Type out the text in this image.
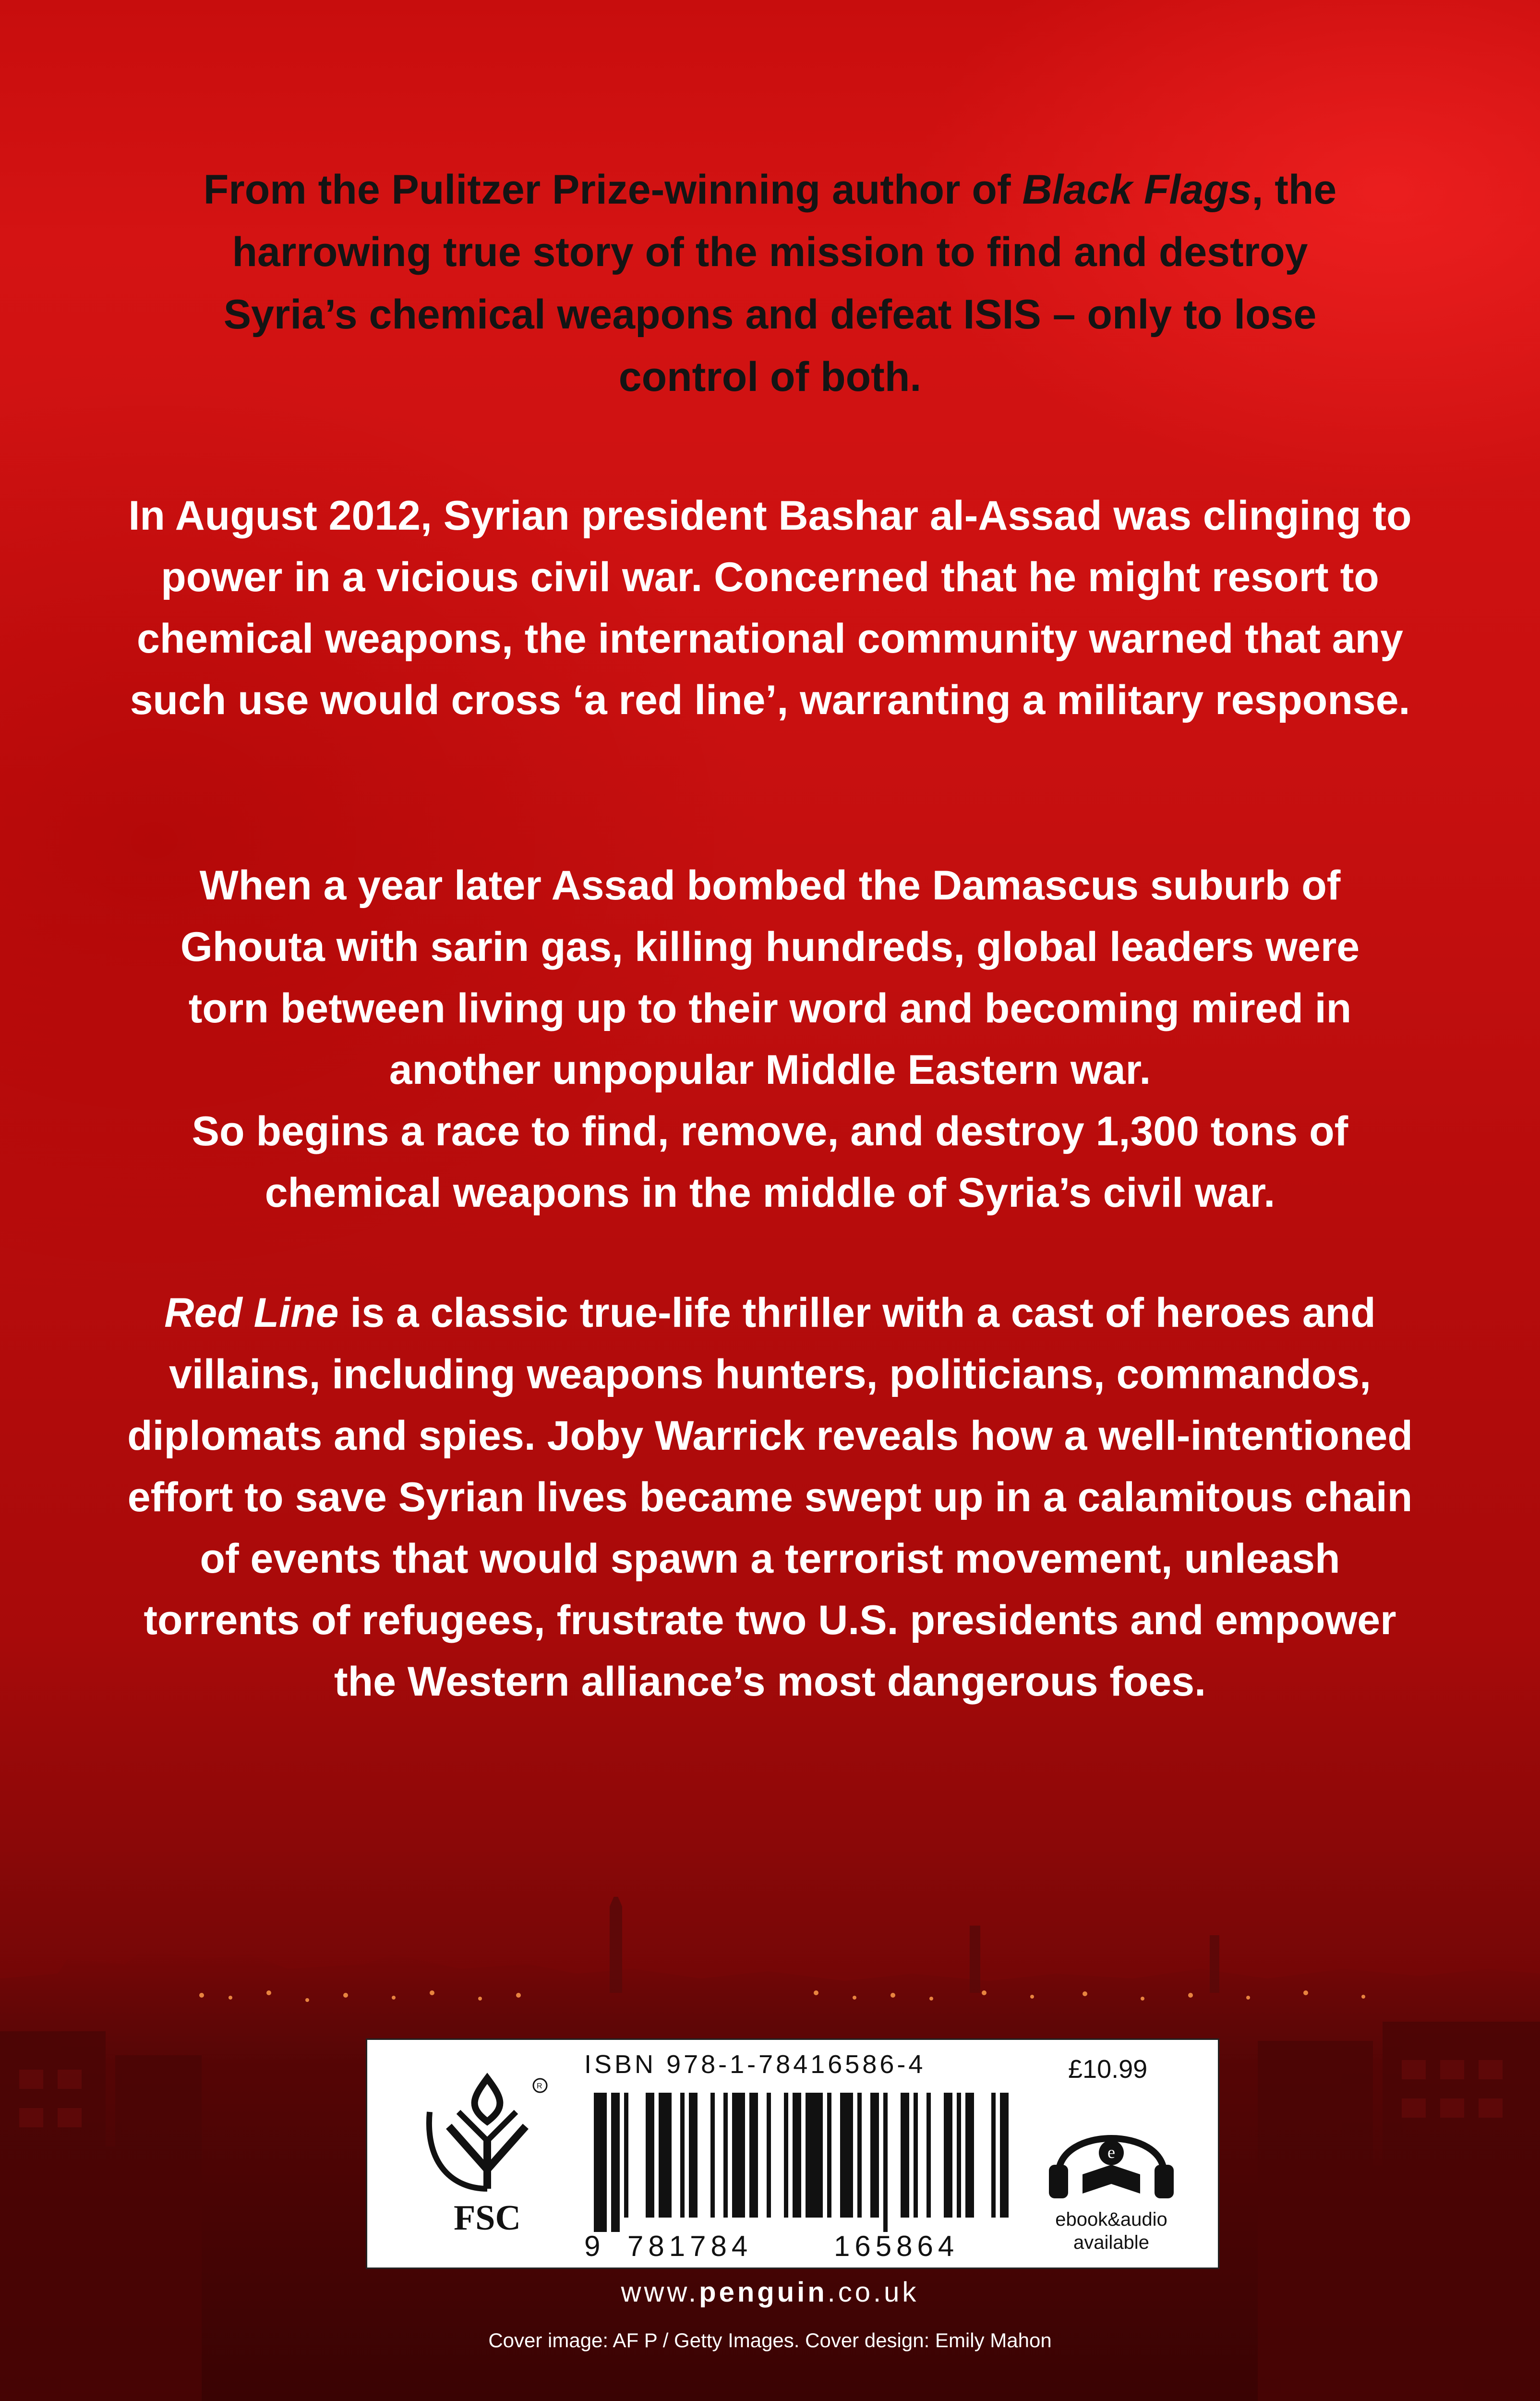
From the Pulitzer Prize-winning author of Black Flags, the harrowing true story of the mission to find and destroy Syria’s chemical weapons and defeat ISIS – only to lose control of both.

In August 2012, Syrian president Bashar al-Assad was clinging to power in a vicious civil war. Concerned that he might resort to chemical weapons, the international community warned that any such use would cross ‘a red line’, warranting a military response.

When a year later Assad bombed the Damascus suburb of Ghouta with sarin gas, killing hundreds, global leaders were torn between living up to their word and becoming mired in another unpopular Middle Eastern war.

So begins a race to find, remove, and destroy 1,300 tons of chemical weapons in the middle of Syria’s civil war.

Red Line is a classic true-life thriller with a cast of heroes and villains, including weapons hunters, politicians, commandos, diplomats and spies. Joby Warrick reveals how a well-intentioned effort to save Syrian lives became swept up in a calamitous chain of events that would spawn a terrorist movement, unleash torrents of refugees, frustrate two U.S. presidents and empower the Western alliance’s most dangerous foes.

R
FSC
ISBN 978-1-78416586-4
9 781784	165864
£10.99
e
ebook&audio
available
www.penguin.co.uk
Cover image: AF P / Getty Images. Cover design: Emily Mahon
